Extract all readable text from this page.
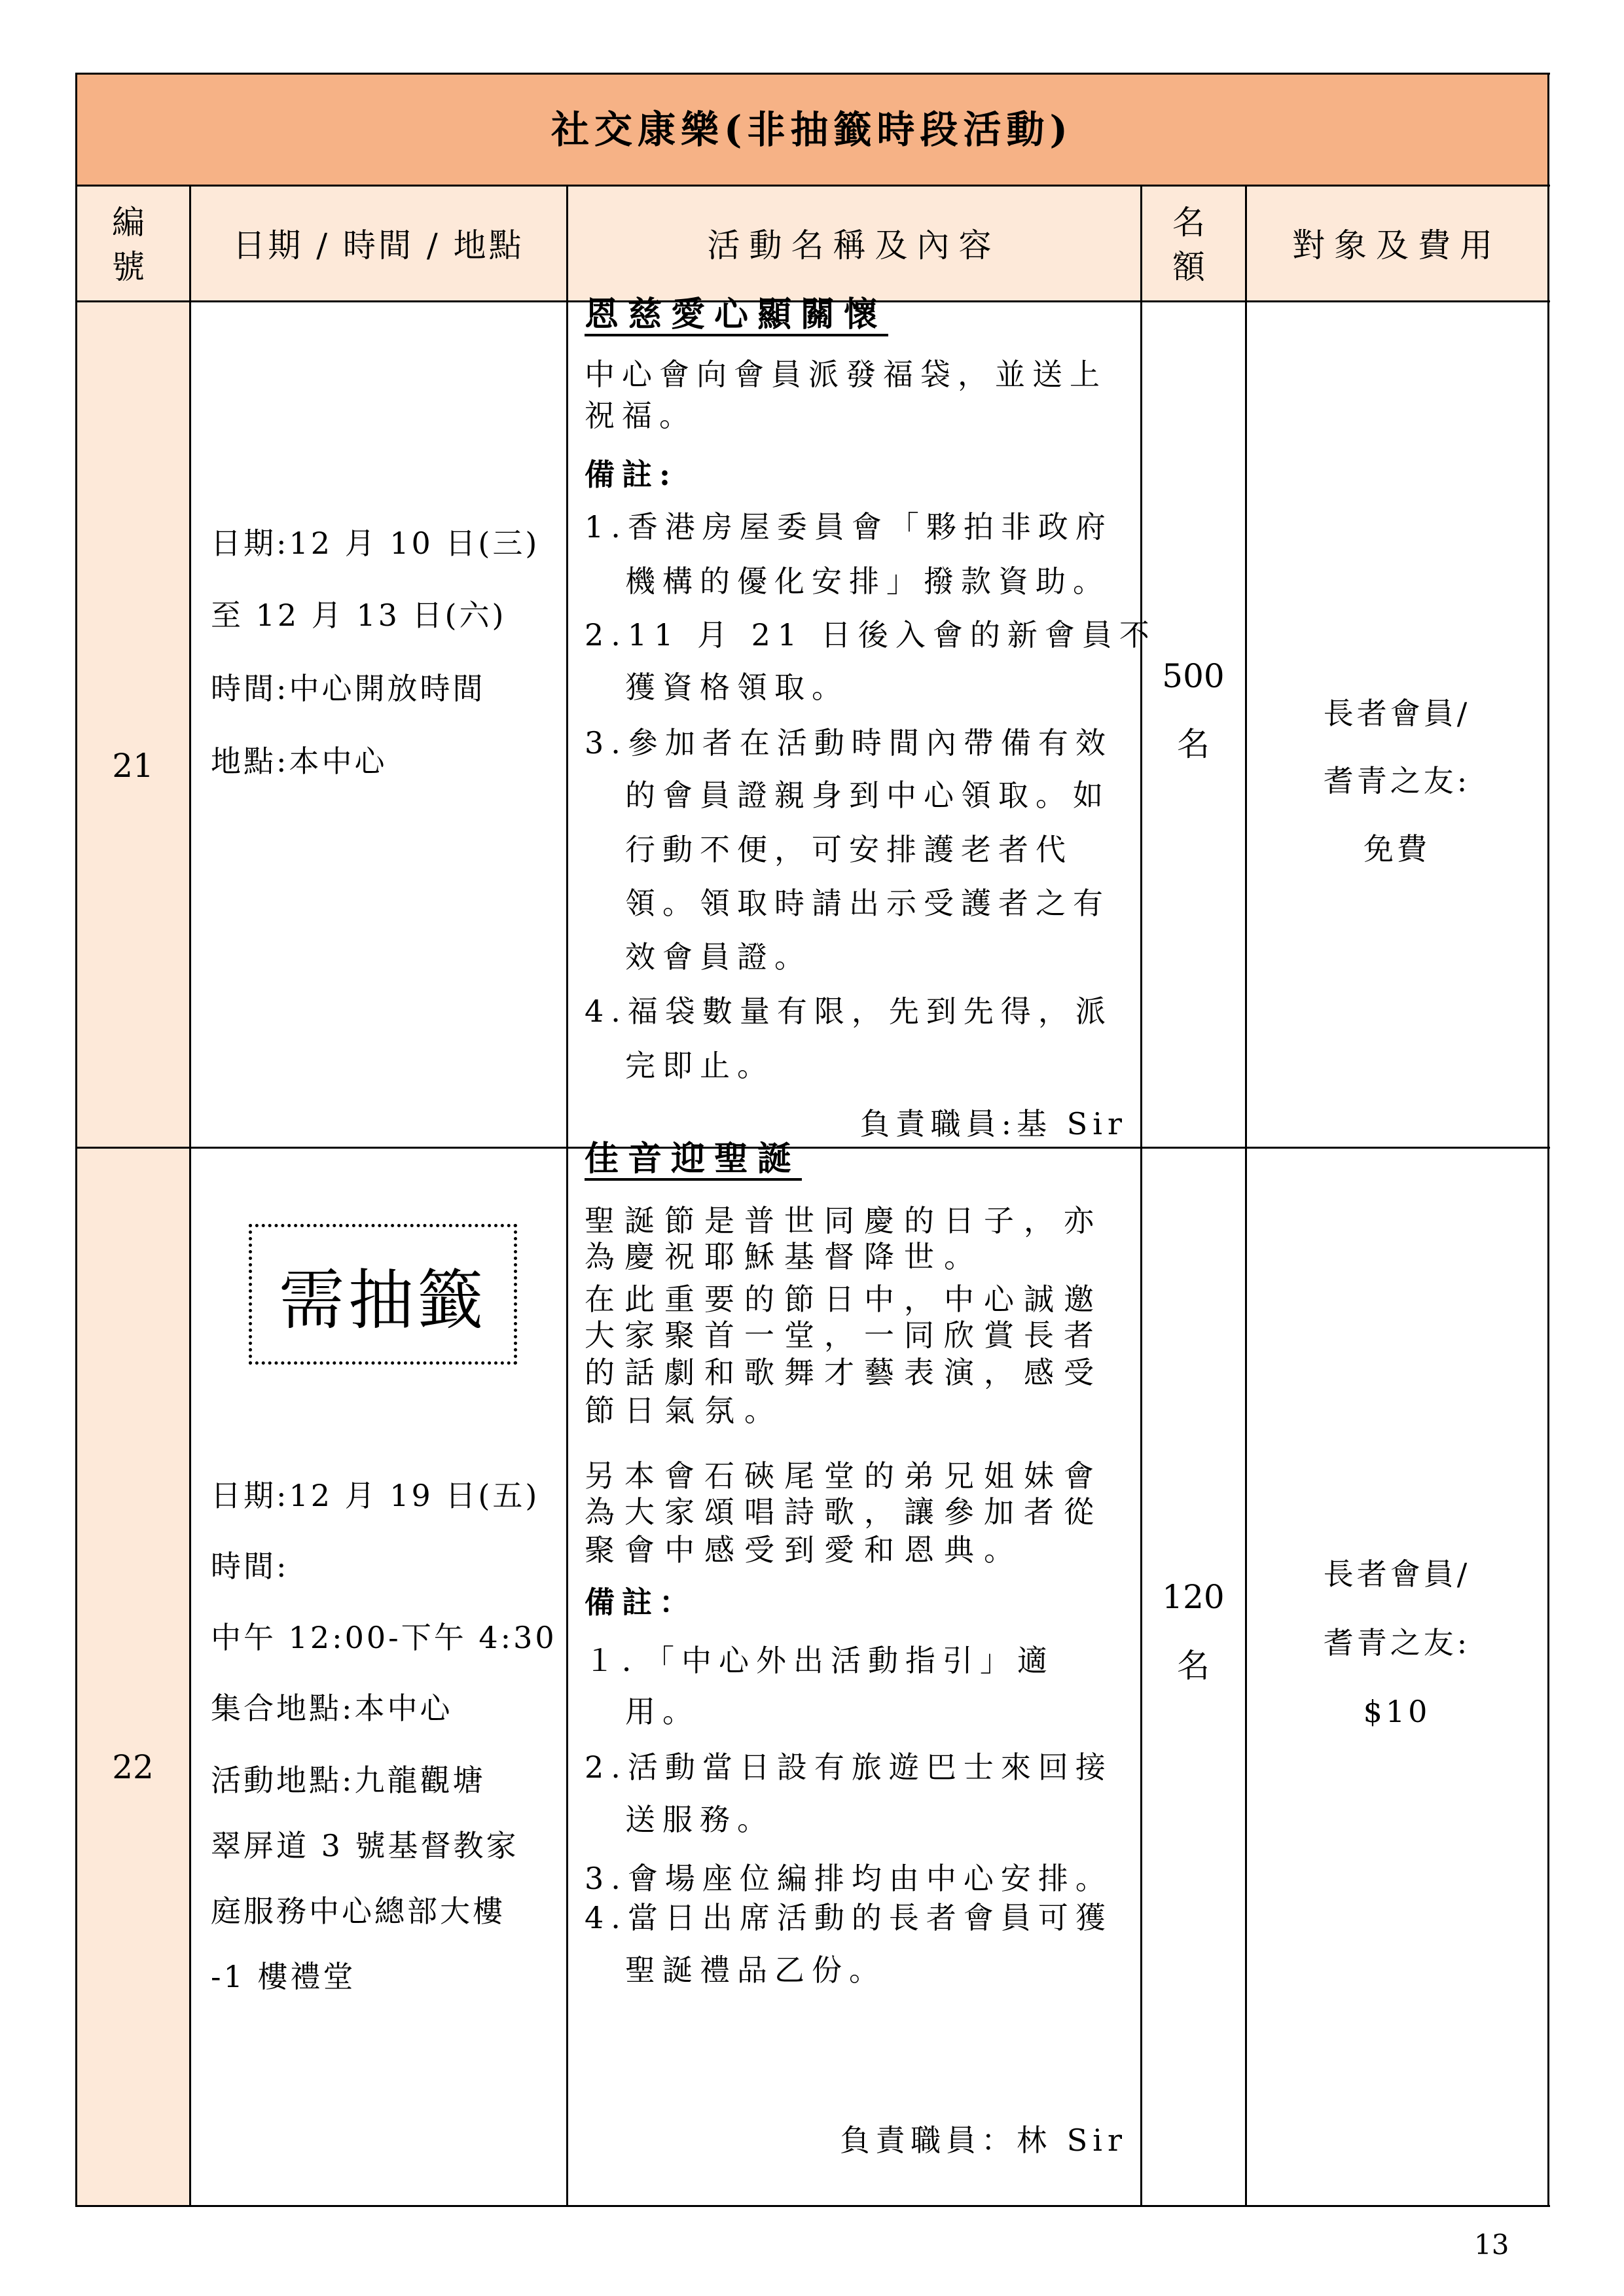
社交康樂(非抽籤時段活動)
編
號
日期 / 時間 / 地點	活動名稱及內容
名
額
對象及費用
21
日期:12 月 10 日(三)
至 12 月 13 日(六)
時間:中心開放時間
地點:本中心
恩慈愛心顯關懷
中心會向會員派發福袋，並送上
祝福。
備註:
1.香港房屋委員會「夥拍非政府
機構的優化安排」撥款資助。
2.11 月 21 日後入會的新會員不
獲資格領取。
3.參加者在活動時間內帶備有效
的會員證親身到中心領取。如
行動不便，可安排護老者代
領。領取時請出示受護者之有
效會員證。
4.福袋數量有限，先到先得，派
完即止。
負責職員:基 Sir
500
名
長者會員/
耆青之友:
免費
22
需抽籤
日期:12 月 19 日(五)
時間:
中午 12:00-下午 4:30
集合地點:本中心
活動地點:九龍觀塘
翠屏道 3 號基督教家
庭服務中心總部大樓
-1 樓禮堂
佳音迎聖誕
聖誕節是普世同慶的日子，亦
為慶祝耶穌基督降世。
在此重要的節日中，中心誠邀
大家聚首一堂，一同欣賞長者
的話劇和歌舞才藝表演，感受
節日氣氛。
另本會石硤尾堂的弟兄姐妹會
為大家頌唱詩歌，讓參加者從
聚會中感受到愛和恩典。
備註：
１．「中心外出活動指引」適
用。
2.活動當日設有旅遊巴士來回接
送服務。
3.會場座位編排均由中心安排。
4.當日出席活動的長者會員可獲
聖誕禮品乙份。
負責職員：林 Sir
120
名
長者會員/
耆青之友:
$10
13
